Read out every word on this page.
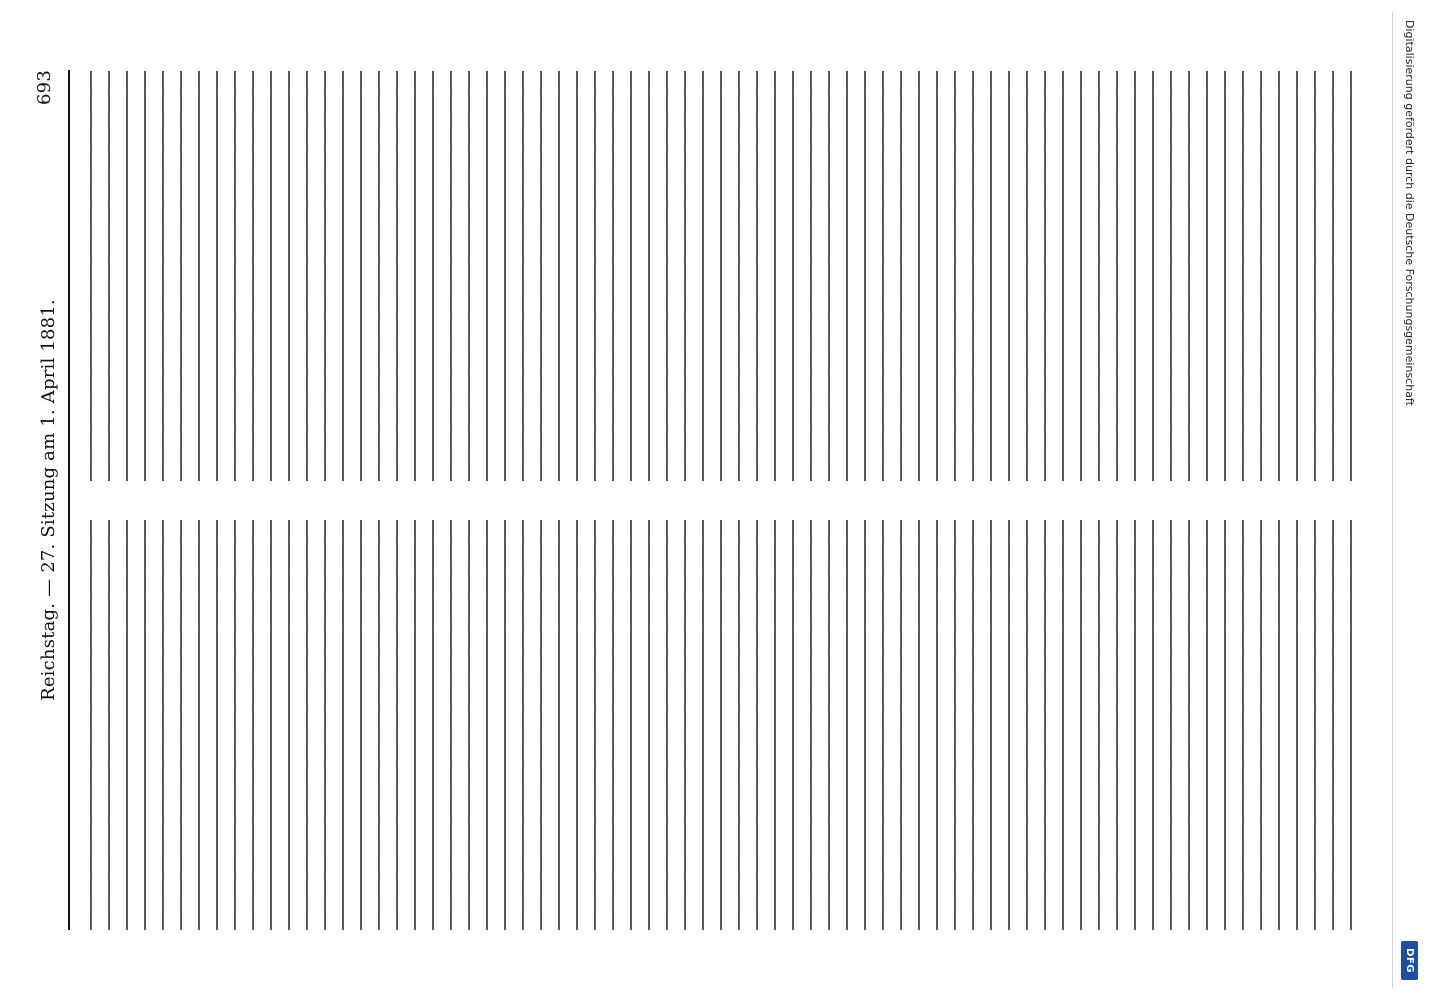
Reichstag. — 27. Sitzung am 1. April 1881.
693	Digitalisierung gefördert durch die Deutsche Forschungsgemeinschaft
DFG
